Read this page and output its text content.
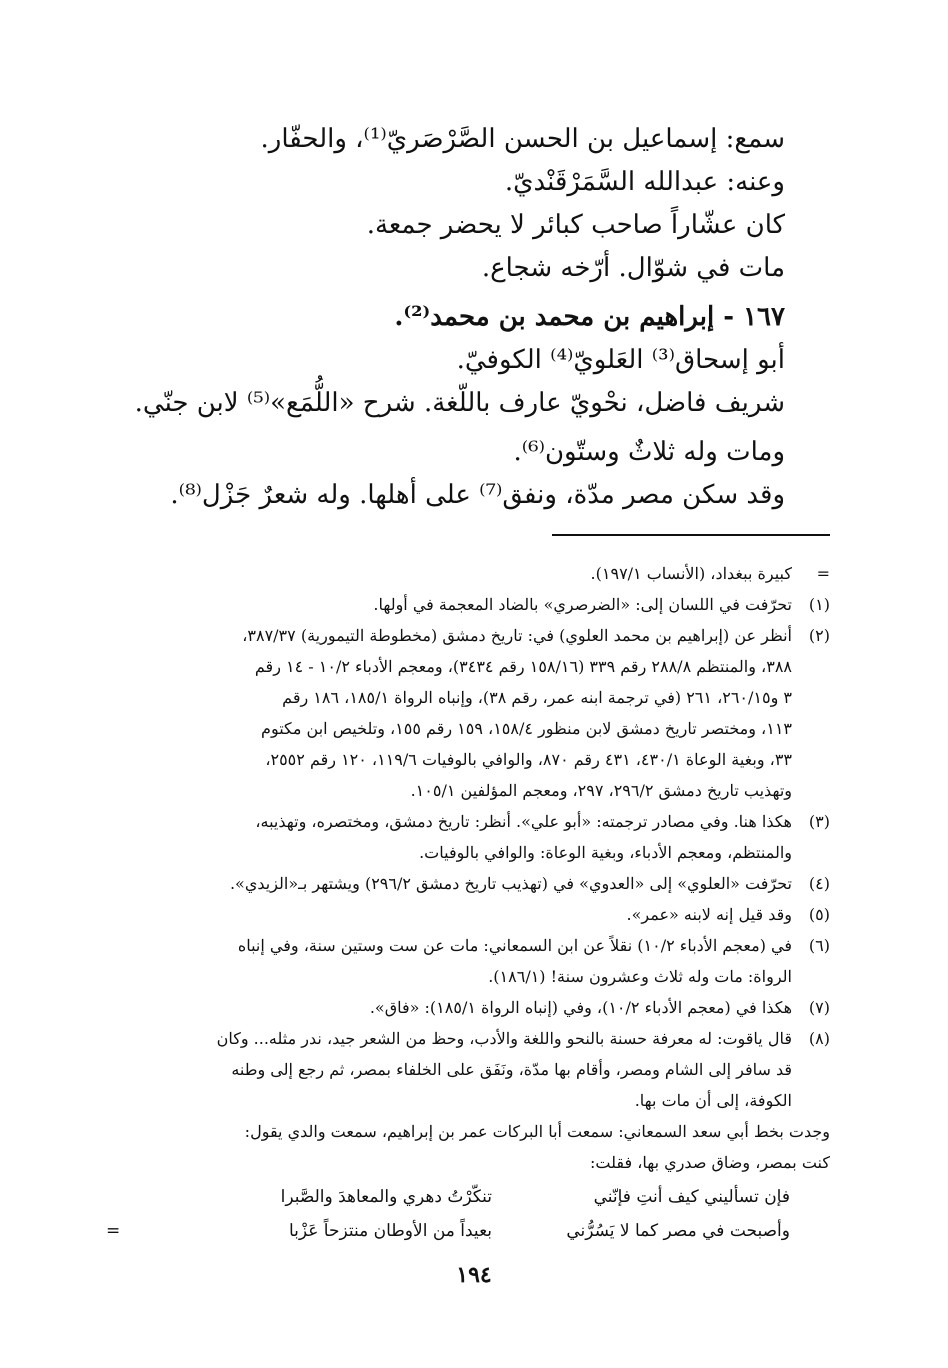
سمع: إسماعيل بن الحسن الصَّرْصَريّ⁽¹⁾، والحفّار.
وعنه: عبدالله السَّمَرْقَنْديّ.
كان عشّاراً صاحب كبائر لا يحضر جمعة.
مات في شوّال. أرّخه شجاع.
١٦٧ - إبراهيم بن محمد بن محمد⁽²⁾.
أبو إسحاق⁽³⁾ العَلويّ⁽⁴⁾ الكوفيّ.
شريف فاضل، نحْويّ عارف باللّغة. شرح «اللُّمَع»⁽⁵⁾ لابن جنّي.
ومات وله ثلاثٌ وستّون⁽⁶⁾.
وقد سكن مصر مدّة، ونفق⁽⁷⁾ على أهلها. وله شعرٌ جَزْل⁽⁸⁾.
=
كبيرة ببغداد، (الأنساب ١٩٧/١).
(١)
تحرّفت في اللسان إلى: «الضرصري» بالضاد المعجمة في أولها.
(٢)
أنظر عن (إبراهيم بن محمد العلوي) في: تاريخ دمشق (مخطوطة التيمورية) ٣٨٧/٣٧،
٣٨٨، والمنتظم ٢٨٨/٨ رقم ٣٣٩ (١٥٨/١٦ رقم ٣٤٣٤)، ومعجم الأدباء ١٠/٢ - ١٤ رقم
٣ و٢٦٠/١٥، ٢٦١ (في ترجمة ابنه عمر، رقم ٣٨)، وإنباه الرواة ١٨٥/١، ١٨٦ رقم
١١٣، ومختصر تاريخ دمشق لابن منظور ١٥٨/٤، ١٥٩ رقم ١٥٥، وتلخيص ابن مكتوم
٣٣، وبغية الوعاة ٤٣٠/١، ٤٣١ رقم ٨٧٠، والوافي بالوفيات ١١٩/٦، ١٢٠ رقم ٢٥٥٢،
وتهذيب تاريخ دمشق ٢٩٦/٢، ٢٩٧، ومعجم المؤلفين ١٠٥/١.
(٣)
هكذا هنا. وفي مصادر ترجمته: «أبو علي». أنظر: تاريخ دمشق، ومختصره، وتهذيبه،
والمنتظم، ومعجم الأدباء، وبغية الوعاة: والوافي بالوفيات.
(٤)
تحرّفت «العلوي» إلى «العدوي» في (تهذيب تاريخ دمشق ٢٩٦/٢) ويشتهر بـ«الزيدي».
(٥)
وقد قيل إنه لابنه «عمر».
(٦)
في (معجم الأدباء ١٠/٢) نقلاً عن ابن السمعاني: مات عن ست وستين سنة، وفي إنباه
الرواة: مات وله ثلاث وعشرون سنة! (١٨٦/١).
(٧)
هكذا في (معجم الأدباء ١٠/٢)، وفي (إنباه الرواة ١٨٥/١): «فاق».
(٨)
قال ياقوت: له معرفة حسنة بالنحو واللغة والأدب، وحظ من الشعر جيد، ندر مثله... وكان
قد سافر إلى الشام ومصر، وأقام بها مدّة، ونَفَق على الخلفاء بمصر، ثم رجع إلى وطنه
الكوفة، إلى أن مات بها.
وجدت بخط أبي سعد السمعاني: سمعت أبا البركات عمر بن إبراهيم، سمعت والدي يقول:
كنت بمصر، وضاق صدري بها، فقلت:
فإن تسأليني كيف أنتِ فإنّني
تنكّرْتُ دهري والمعاهدَ والصَّبرا
وأصبحت في مصر كما لا يَسُرُّني
بعيداً من الأوطان منتزحاً عَزْبا
=
١٩٤
